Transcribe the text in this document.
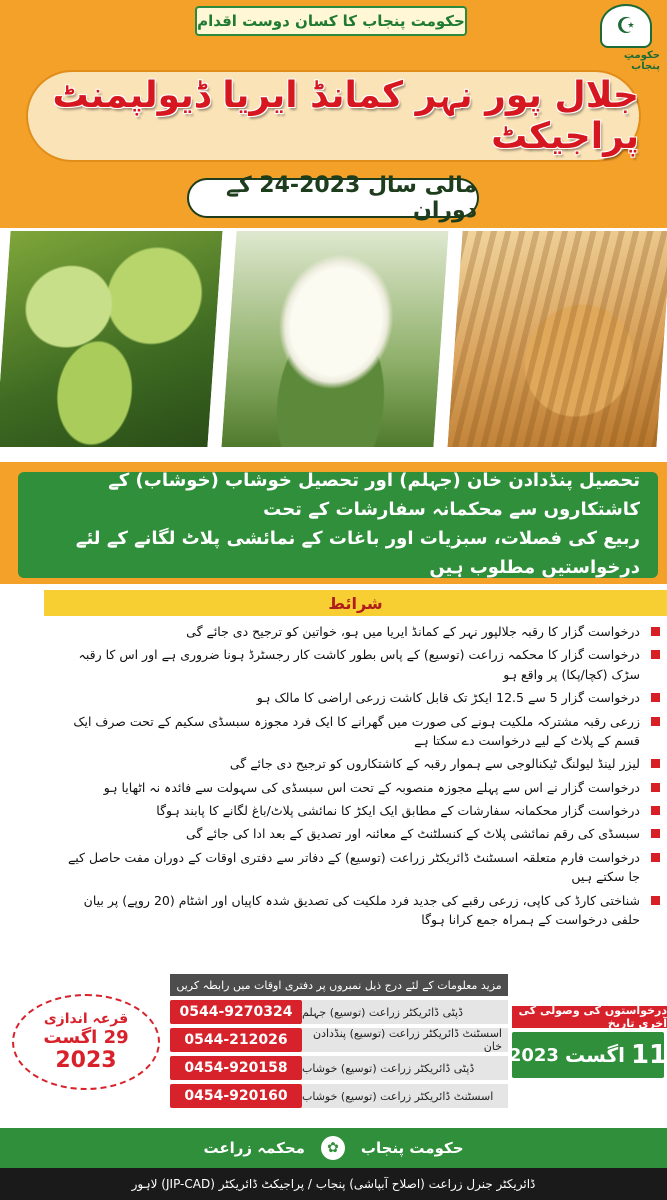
حکومت پنجاب کا کسان دوست اقدام	☪
حکومتِ پنجاب
جلال پور نہر کمانڈ ایریا ڈیولپمنٹ پراجیکٹ
مالی سال 2023-24 کے دوران
تحصیل پنڈدادن خان (جہلم) اور تحصیل خوشاب (خوشاب) کے کاشتکاروں سے محکمانہ سفارشات کے تحت
ربیع کی فصلات، سبزیات اور باغات کے نمائشی پلاٹ لگانے کے لئے درخواستیں مطلوب ہیں
شرائط
درخواست گزار کا رقبہ جلالپور نہر کے کمانڈ ایریا میں ہو، خواتین کو ترجیح دی جائے گی
درخواست گزار کا محکمہ زراعت (توسیع) کے پاس بطور کاشت کار رجسٹرڈ ہونا ضروری ہے اور اس کا رقبہ سڑک (کچا/پکا) پر واقع ہو
درخواست گزار 5 سے 12.5 ایکڑ تک قابل کاشت زرعی اراضی کا مالک ہو
زرعی رقبہ مشترکہ ملکیت ہونے کی صورت میں گھرانے کا ایک فرد مجوزہ سبسڈی سکیم کے تحت صرف ایک قسم کے پلاٹ کے لیے درخواست دے سکتا ہے
لیزر لینڈ لیولنگ ٹیکنالوجی سے ہموار رقبہ کے کاشتکاروں کو ترجیح دی جائے گی
درخواست گزار نے اس سے پہلے مجوزہ منصوبہ کے تحت اس سبسڈی کی سہولت سے فائدہ نہ اٹھایا ہو
درخواست گزار محکمانہ سفارشات کے مطابق ایک ایکڑ کا نمائشی پلاٹ/باغ لگانے کا پابند ہوگا
سبسڈی کی رقم نمائشی پلاٹ کے کنسلٹنٹ کے معائنہ اور تصدیق کے بعد ادا کی جائے گی
درخواست فارم متعلقہ اسسٹنٹ ڈائریکٹر زراعت (توسیع) کے دفاتر سے دفتری اوقات کے دوران مفت حاصل کیے جا سکتے ہیں
شناختی کارڈ کی کاپی، زرعی رقبے کی جدید فرد ملکیت کی تصدیق شدہ کاپیاں اور اشٹام (20 روپے) پر بیان حلفی درخواست کے ہمراہ جمع کرانا ہوگا
مزید معلومات کے لئے درج ذیل نمبروں پر دفتری اوقات میں رابطہ کریں
0544-9270324 ڈپٹی ڈائریکٹر زراعت (توسیع) جہلم
0544-212026	اسسٹنٹ ڈائریکٹر زراعت (توسیع) پنڈدادن خان
0454-920158	ڈپٹی ڈائریکٹر زراعت (توسیع) خوشاب
0454-920160	اسسٹنٹ ڈائریکٹر زراعت (توسیع) خوشاب
درخواستوں کی وصولی کی آخری تاریخ
11
اگست
2023
قرعہ اندازی
29 اگست
2023
حکومت پنجاب
✿
محکمہ زراعت
ڈائریکٹر جنرل زراعت (اصلاح آبپاشی) پنجاب / پراجیکٹ ڈائریکٹر (JIP-CAD) لاہور
